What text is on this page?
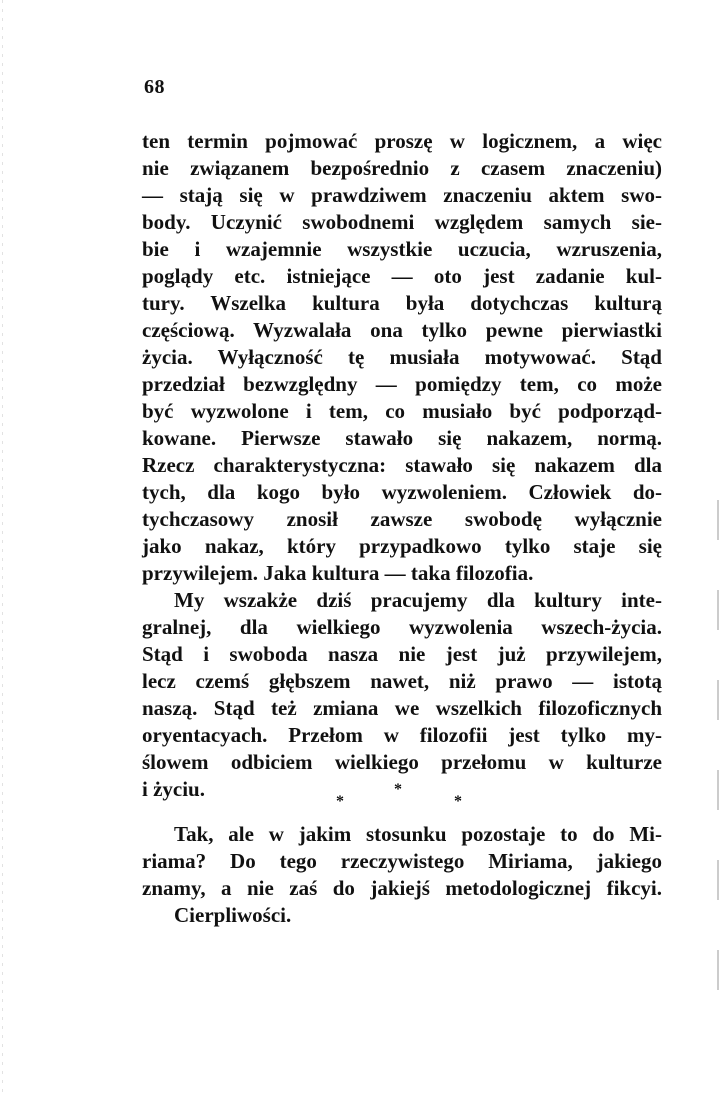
68
ten termin pojmować proszę w logicznem, a więc
nie związanem bezpośrednio z czasem znaczeniu)
— stają się w prawdziwem znaczeniu aktem swo-
body. Uczynić swobodnemi względem samych sie-
bie i wzajemnie wszystkie uczucia, wzruszenia,
poglądy etc. istniejące — oto jest zadanie kul-
tury. Wszelka kultura była dotychczas kulturą
częściową. Wyzwalała ona tylko pewne pierwiastki
życia. Wyłączność tę musiała motywować. Stąd
przedział bezwzględny — pomiędzy tem, co może
być wyzwolone i tem, co musiało być podporząd-
kowane. Pierwsze stawało się nakazem, normą.
Rzecz charakterystyczna: stawało się nakazem dla
tych, dla kogo było wyzwoleniem. Człowiek do-
tychczasowy znosił zawsze swobodę wyłącznie
jako nakaz, który przypadkowo tylko staje się
przywilejem. Jaka kultura — taka filozofia.
My wszakże dziś pracujemy dla kultury inte-
gralnej, dla wielkiego wyzwolenia wszech-życia.
Stąd i swoboda nasza nie jest już przywilejem,
lecz czemś głębszem nawet, niż prawo — istotą
naszą. Stąd też zmiana we wszelkich filozoficznych
oryentacyach. Przełom w filozofii jest tylko my-
ślowem odbiciem wielkiego przełomu w kulturze
i życiu.
*
*
*
Tak, ale w jakim stosunku pozostaje to do Mi-
riama? Do tego rzeczywistego Miriama, jakiego
znamy, a nie zaś do jakiejś metodologicznej fikcyi.
Cierpliwości.
